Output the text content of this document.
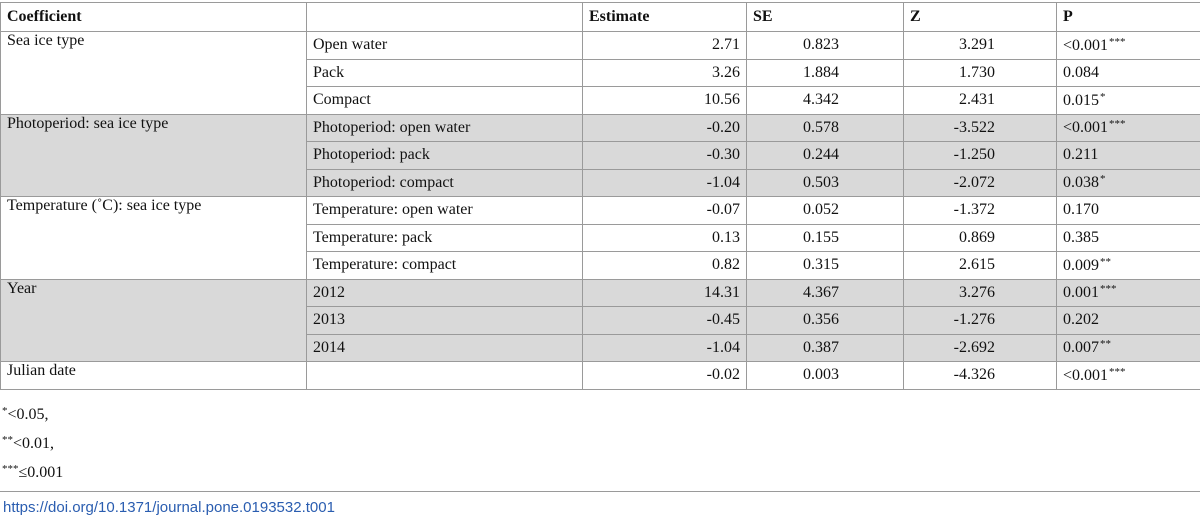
Coefficient		Estimate	SE	Z	P
Sea ice type	Open water	2.71	0.823	3.291	<0.001***
	Pack	3.26	1.884	1.730	0.084
	Compact	10.56	4.342	2.431	0.015*
Photoperiod: sea ice type	Photoperiod: open water	-0.20	0.578	-3.522	<0.001***
	Photoperiod: pack	-0.30	0.244	-1.250	0.211
	Photoperiod: compact	-1.04	0.503	-2.072	0.038*
Temperature (˚C): sea ice type	Temperature: open water	-0.07	0.052	-1.372	0.170
	Temperature: pack	0.13	0.155	0.869	0.385
	Temperature: compact	0.82	0.315	2.615	0.009**
Year	2012	14.31	4.367	3.276	0.001***
	2013	-0.45	0.356	-1.276	0.202
	2014	-1.04	0.387	-2.692	0.007**
Julian date		-0.02	0.003	-4.326	<0.001***
*<0.05,
**<0.01,
***≤0.001
https://doi.org/10.1371/journal.pone.0193532.t001
